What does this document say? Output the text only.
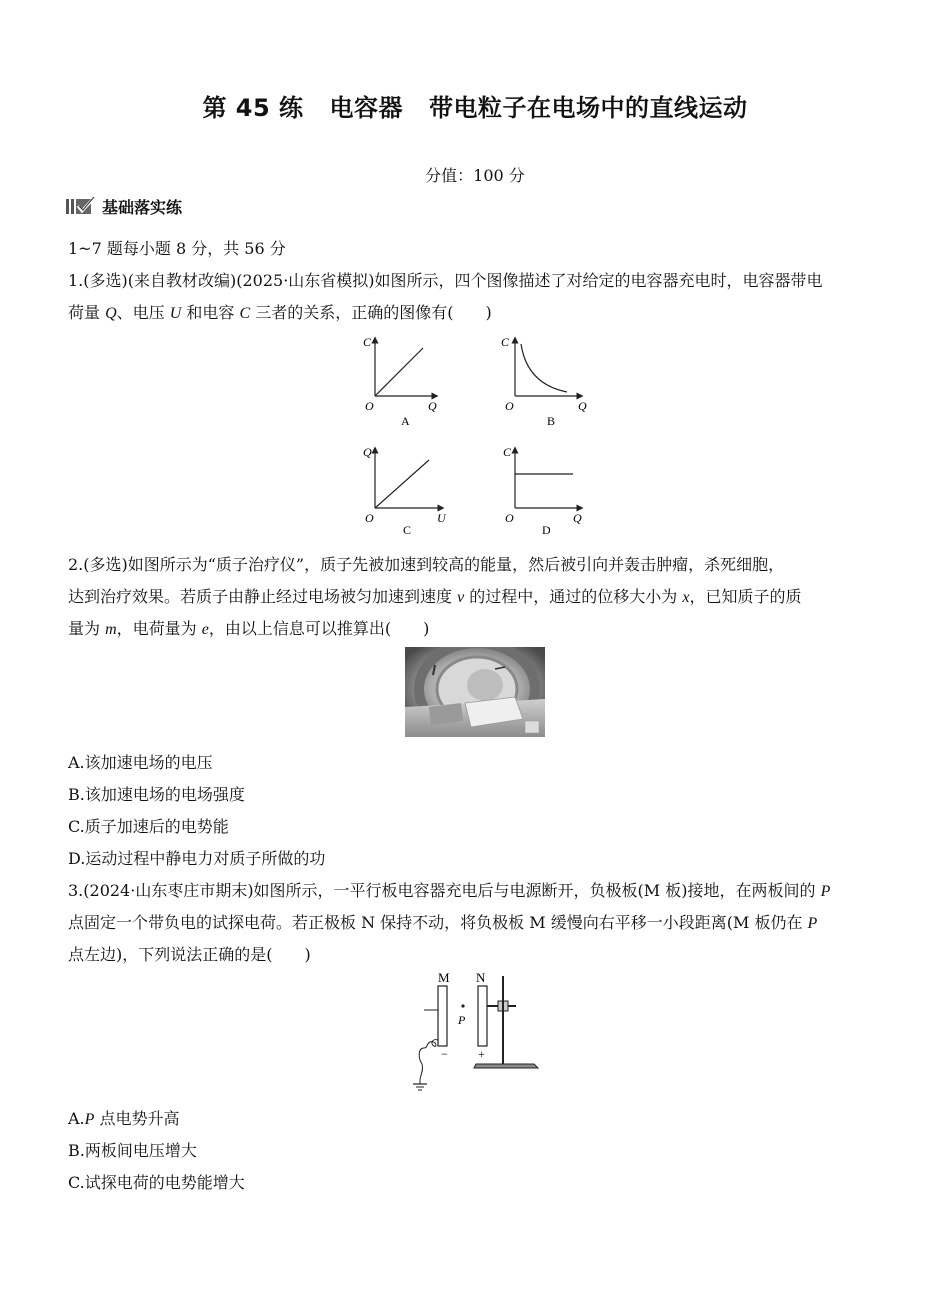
第 45 练 电容器 带电粒子在电场中的直线运动
分值：100 分
基础落实练
1~7 题每小题 8 分，共 56 分
1.(多选)(来自教材改编)(2025·山东省模拟)如图所示，四个图像描述了对给定的电容器充电时，电容器带电
荷量 Q、电压 U 和电容 C 三者的关系，正确的图像有(　　)
C
O	Q
A
C
O	Q
B
Q
O	U
C
C
O	Q
D
2.(多选)如图所示为“质子治疗仪”，质子先被加速到较高的能量，然后被引向并轰击肿瘤，杀死细胞，
达到治疗效果。若质子由静止经过电场被匀加速到速度 v 的过程中，通过的位移大小为 x，已知质子的质
量为 m，电荷量为 e，由以上信息可以推算出(　　)
A.该加速电场的电压
B.该加速电场的电场强度
C.质子加速后的电势能
D.运动过程中静电力对质子所做的功
3.(2024·山东枣庄市期末)如图所示，一平行板电容器充电后与电源断开，负极板(M 板)接地，在两板间的 P
点固定一个带负电的试探电荷。若正极板 N 保持不动，将负极板 M 缓慢向右平移一小段距离(M 板仍在 P
点左边)，下列说法正确的是(　　)
M N
P
−	+
A.P 点电势升高
B.两板间电压增大
C.试探电荷的电势能增大
